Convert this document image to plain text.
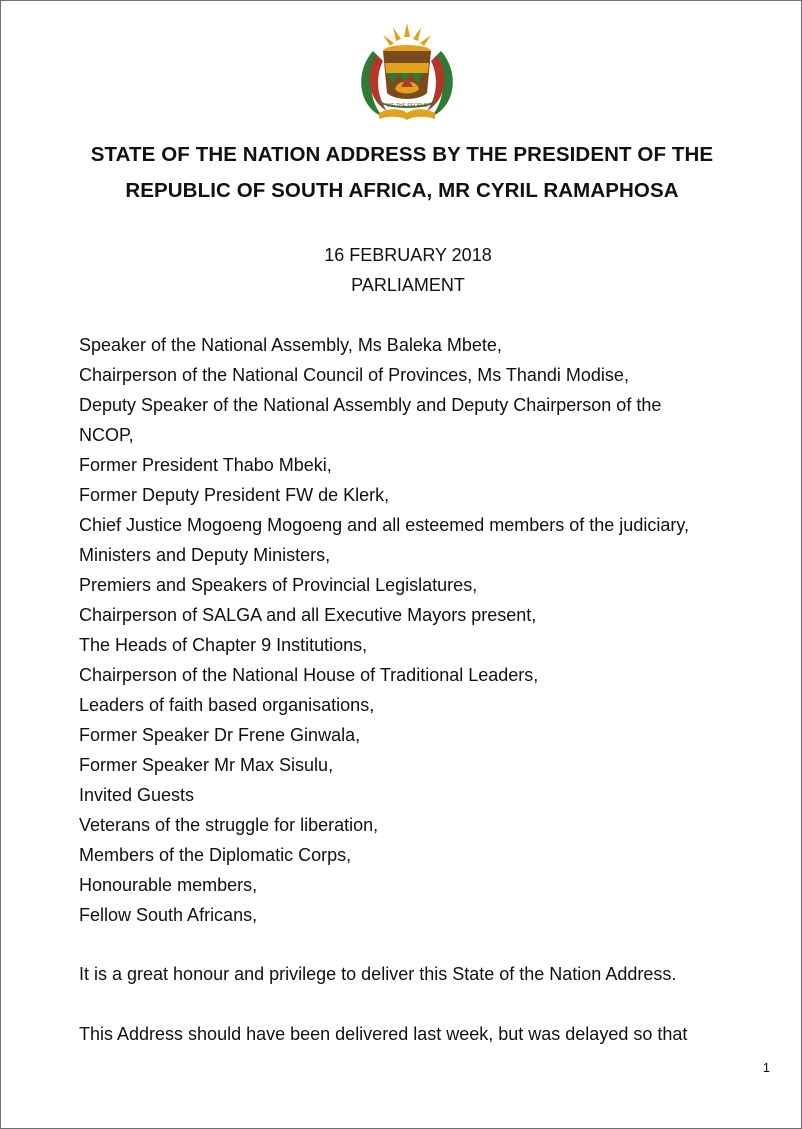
WE THE PEOPLE
STATE OF THE NATION ADDRESS BY THE PRESIDENT OF THE
REPUBLIC OF SOUTH AFRICA, MR CYRIL RAMAPHOSA
16 FEBRUARY 2018
PARLIAMENT
Speaker of the National Assembly, Ms Baleka Mbete,
Chairperson of the National Council of Provinces, Ms Thandi Modise,
Deputy Speaker of the National Assembly and Deputy Chairperson of the
NCOP,
Former President Thabo Mbeki,
Former Deputy President FW de Klerk,
Chief Justice Mogoeng Mogoeng and all esteemed members of the judiciary,
Ministers and Deputy Ministers,
Premiers and Speakers of Provincial Legislatures,
Chairperson of SALGA and all Executive Mayors present,
The Heads of Chapter 9 Institutions,
Chairperson of the National House of Traditional Leaders,
Leaders of faith based organisations,
Former Speaker Dr Frene Ginwala,
Former Speaker Mr Max Sisulu,
Invited Guests
Veterans of the struggle for liberation,
Members of the Diplomatic Corps,
Honourable members,
Fellow South Africans,
It is a great honour and privilege to deliver this State of the Nation Address.
This Address should have been delivered last week, but was delayed so that
1
